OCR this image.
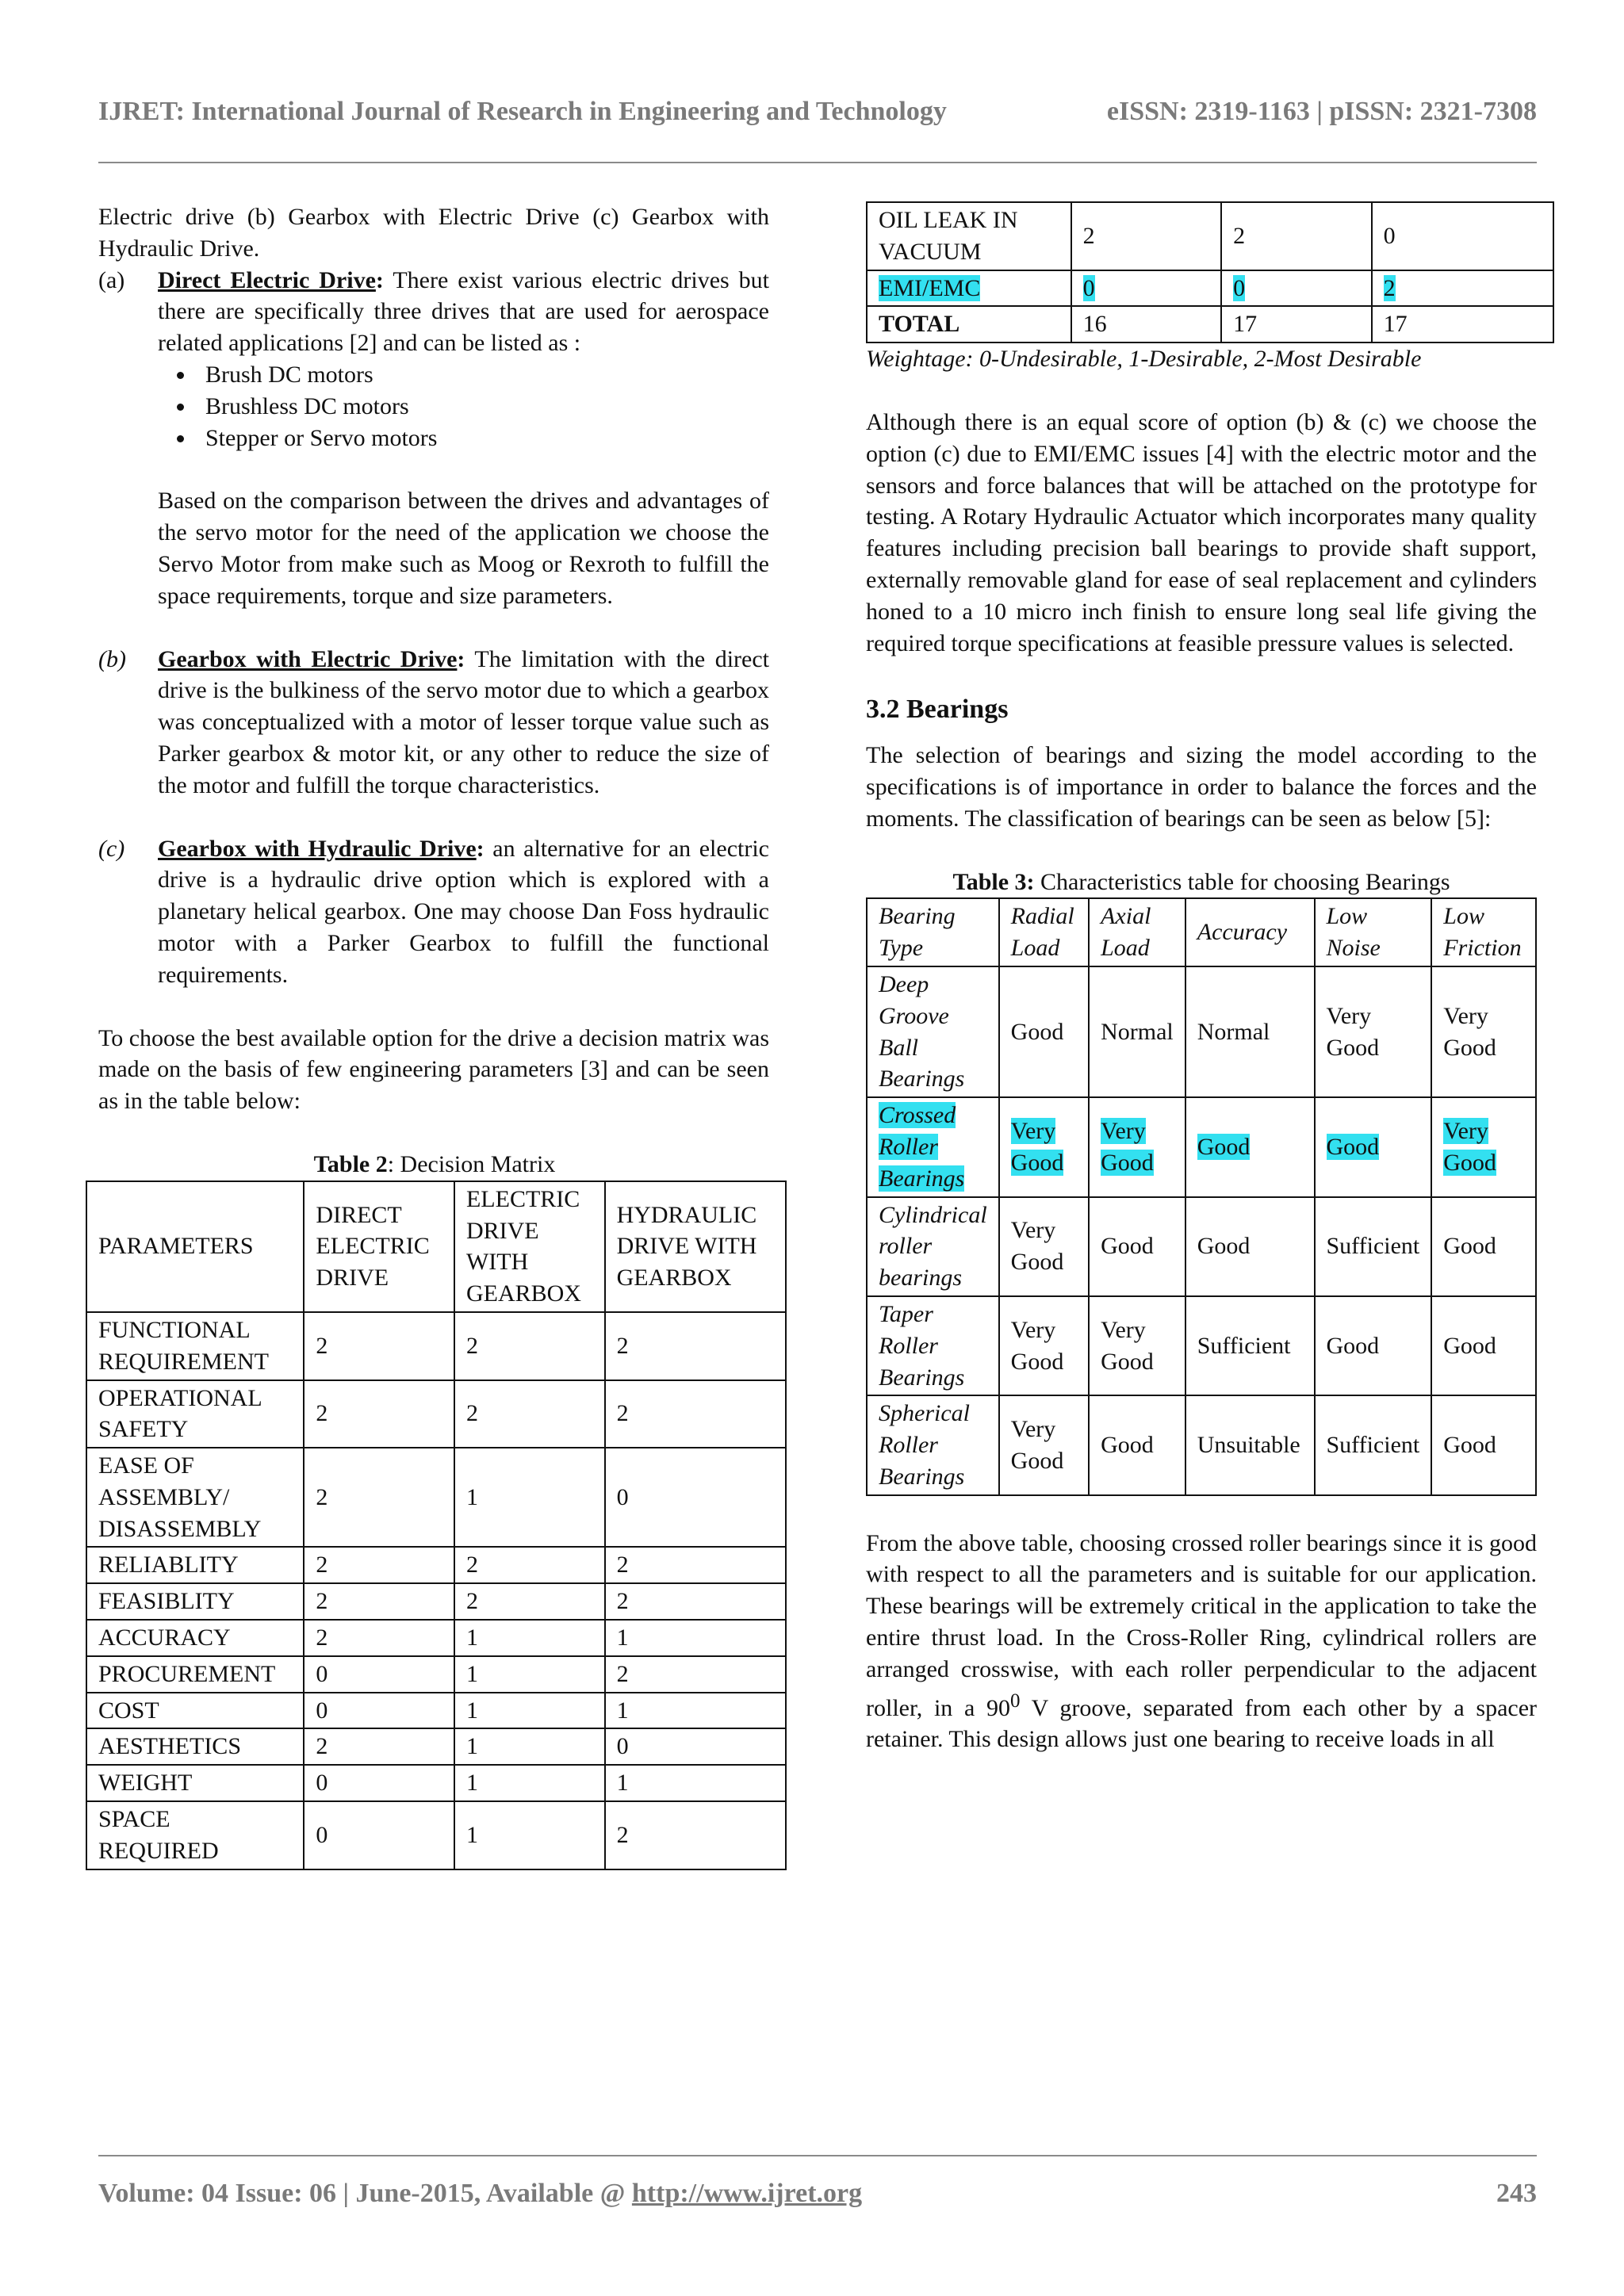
IJRET: International Journal of Research in Engineering and Technology	eISSN: 2319-1163 | pISSN: 2321-7308

Electric drive (b) Gearbox with Electric Drive (c) Gearbox with Hydraulic Drive.

(a)	Direct Electric Drive: There exist various electric drives but there are specifically three drives that are used for aerospace related applications [2] and can be listed as :
• Brush DC motors
• Brushless DC motors
• Stepper or Servo motors

Based on the comparison between the drives and advantages of the servo motor for the need of the application we choose the Servo Motor from make such as Moog or Rexroth to fulfill the space requirements, torque and size parameters.

(b)	Gearbox with Electric Drive: The limitation with the direct drive is the bulkiness of the servo motor due to which a gearbox was conceptualized with a motor of lesser torque value such as Parker gearbox & motor kit, or any other to reduce the size of the motor and fulfill the torque characteristics.
(c)	Gearbox with Hydraulic Drive: an alternative for an electric drive is a hydraulic drive option which is explored with a planetary helical gearbox. One may choose Dan Foss hydraulic motor with a Parker Gearbox to fulfill the functional requirements.

To choose the best available option for the drive a decision matrix was made on the basis of few engineering parameters [3] and can be seen as in the table below:

Table 2: Decision Matrix
PARAMETERS	DIRECT ELECTRIC DRIVE	ELECTRIC DRIVE WITH GEARBOX	HYDRAULIC DRIVE WITH GEARBOX
FUNCTIONAL REQUIREMENT	2	2	2
OPERATIONAL SAFETY	2	2	2
EASE OF ASSEMBLY/ DISASSEMBLY	2	1	0
RELIABLITY	2	2	2
FEASIBLITY	2	2	2
ACCURACY	2	1	1
PROCUREMENT	0	1	2
COST	0	1	1
AESTHETICS	2	1	0
WEIGHT	0	1	1
SPACE REQUIRED	0	1	2
OIL LEAK IN VACUUM	2	2	0
EMI/EMC	0	0	2
TOTAL	16	17	17
Weightage: 0-Undesirable, 1-Desirable, 2-Most Desirable

Although there is an equal score of option (b) & (c) we choose the option (c) due to EMI/EMC issues [4] with the electric motor and the sensors and force balances that will be attached on the prototype for testing. A Rotary Hydraulic Actuator which incorporates many quality features including precision ball bearings to provide shaft support, externally removable gland for ease of seal replacement and cylinders honed to a 10 micro inch finish to ensure long seal life giving the required torque specifications at feasible pressure values is selected.

3.2 Bearings

The selection of bearings and sizing the model according to the specifications is of importance in order to balance the forces and the moments. The classification of bearings can be seen as below [5]:

Table 3: Characteristics table for choosing Bearings
Bearing Type	Radial Load	Axial Load	Accuracy	Low Noise	Low Friction
Deep Groove Ball Bearings	Good	Normal	Normal	Very Good	Very Good
Crossed Roller Bearings	Very Good	Very Good	Good	Good	Very Good
Cylindrical roller bearings	Very Good	Good	Good	Sufficient	Good
Taper Roller Bearings	Very Good	Very Good	Sufficient	Good	Good
Spherical Roller Bearings	Very Good	Good	Unsuitable	Sufficient	Good

From the above table, choosing crossed roller bearings since it is good with respect to all the parameters and is suitable for our application. These bearings will be extremely critical in the application to take the entire thrust load. In the Cross-Roller Ring, cylindrical rollers are arranged crosswise, with each roller perpendicular to the adjacent roller, in a $90^0$ V groove, separated from each other by a spacer retainer. This design allows just one bearing to receive loads in all

Volume: 04 Issue: 06 | June-2015, Available @ http://www.ijret.org	243
